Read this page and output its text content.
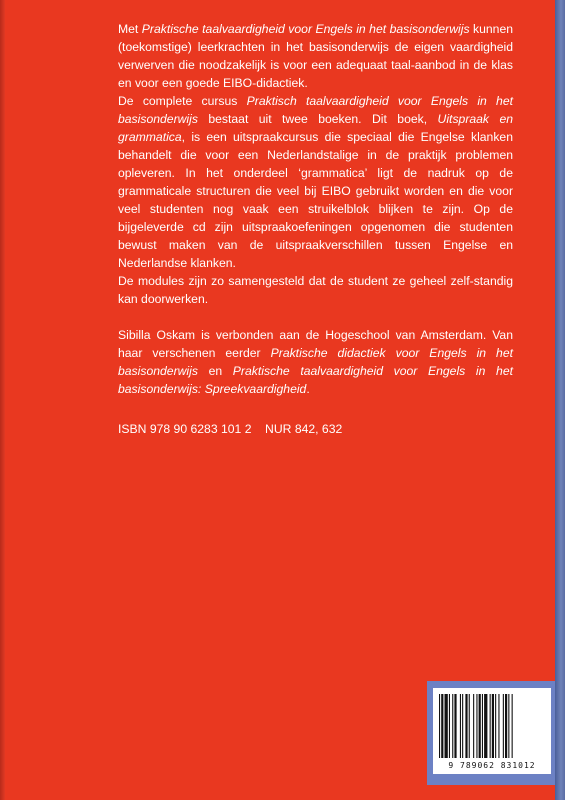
Met Praktische taalvaardigheid voor Engels in het basisonderwijs kunnen (toekomstige) leerkrachten in het basisonderwijs de eigen vaardigheid verwerven die noodzakelijk is voor een adequaat taal-aanbod in de klas en voor een goede EIBO-didactiek.

De complete cursus Praktisch taalvaardigheid voor Engels in het basisonderwijs bestaat uit twee boeken. Dit boek, Uitspraak en grammatica, is een uitspraakcursus die speciaal die Engelse klanken behandelt die voor een Nederlandstalige in de praktijk problemen opleveren. In het onderdeel ‘grammatica’ ligt de nadruk op de grammaticale structuren die veel bij EIBO gebruikt worden en die voor veel studenten nog vaak een struikelblok blijken te zijn. Op de bijgeleverde cd zijn uitspraakoefeningen opgenomen die studenten bewust maken van de uitspraakverschillen tussen Engelse en Nederlandse klanken.

De modules zijn zo samengesteld dat de student ze geheel zelf-standig kan doorwerken.

Sibilla Oskam is verbonden aan de Hogeschool van Amsterdam. Van haar verschenen eerder Praktische didactiek voor Engels in het basisonderwijs en Praktische taalvaardigheid voor Engels in het basisonderwijs: Spreekvaardigheid.

ISBN 978 90 6283 101 2    NUR 842, 632

9 789062 831012
